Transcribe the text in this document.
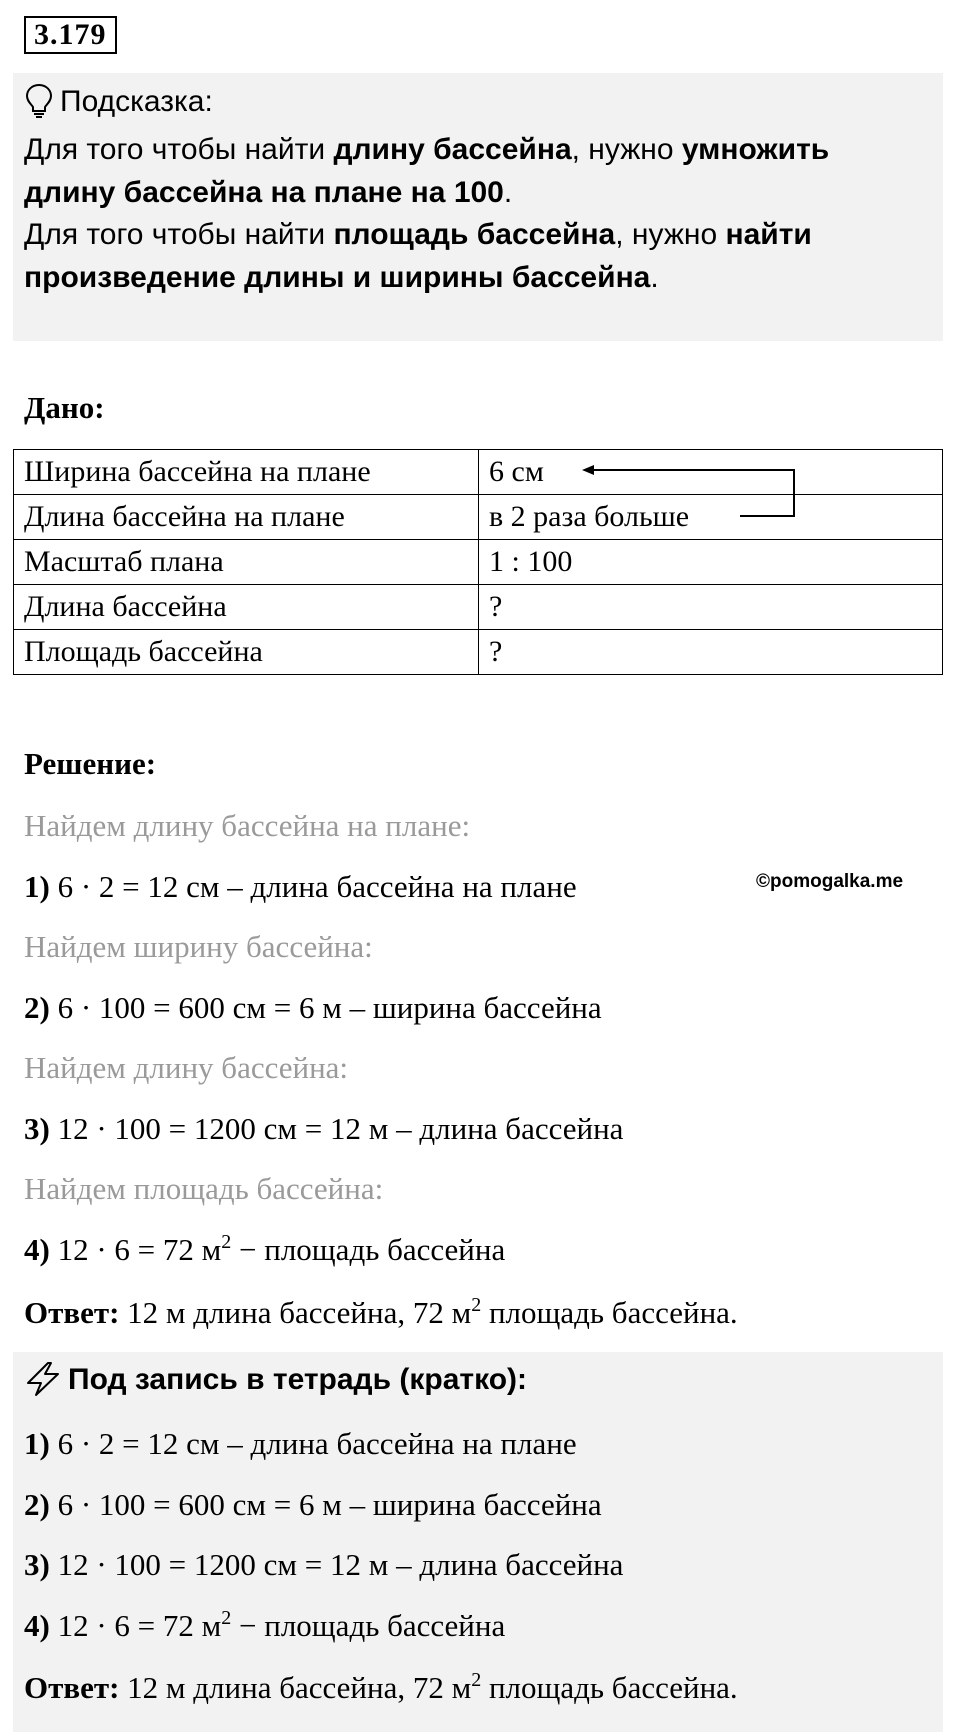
3.179
Подсказка:
Для того чтобы найти длину бассейна, нужно умножить
длину бассейна на плане на 100.
Для того чтобы найти площадь бассейна, нужно найти
произведение длины и ширины бассейна.
Дано:
Ширина бассейна на плане	6 см
Длина бассейна на плане	в 2 раза больше
Масштаб плана	1 : 100
Длина бассейна	?
Площадь бассейна	?
Решение:
Найдем длину бассейна на плане:
1) 6 · 2 = 12 см – длина бассейна на плане	©pomogalka.me
Найдем ширину бассейна:
2) 6 · 100 = 600 см = 6 м – ширина бассейна
Найдем длину бассейна:
3) 12 · 100 = 1200 см = 12 м – длина бассейна
Найдем площадь бассейна:
4) 12 · 6 = 72 $м^2$ − площадь бассейна
Ответ: 12 м длина бассейна, 72 $м^2$ площадь бассейна.
Под запись в тетрадь (кратко):
1) 6 · 2 = 12 см – длина бассейна на плане
2) 6 · 100 = 600 см = 6 м – ширина бассейна
3) 12 · 100 = 1200 см = 12 м – длина бассейна
4) 12 · 6 = 72 $м^2$ − площадь бассейна
Ответ: 12 м длина бассейна, 72 $м^2$ площадь бассейна.
